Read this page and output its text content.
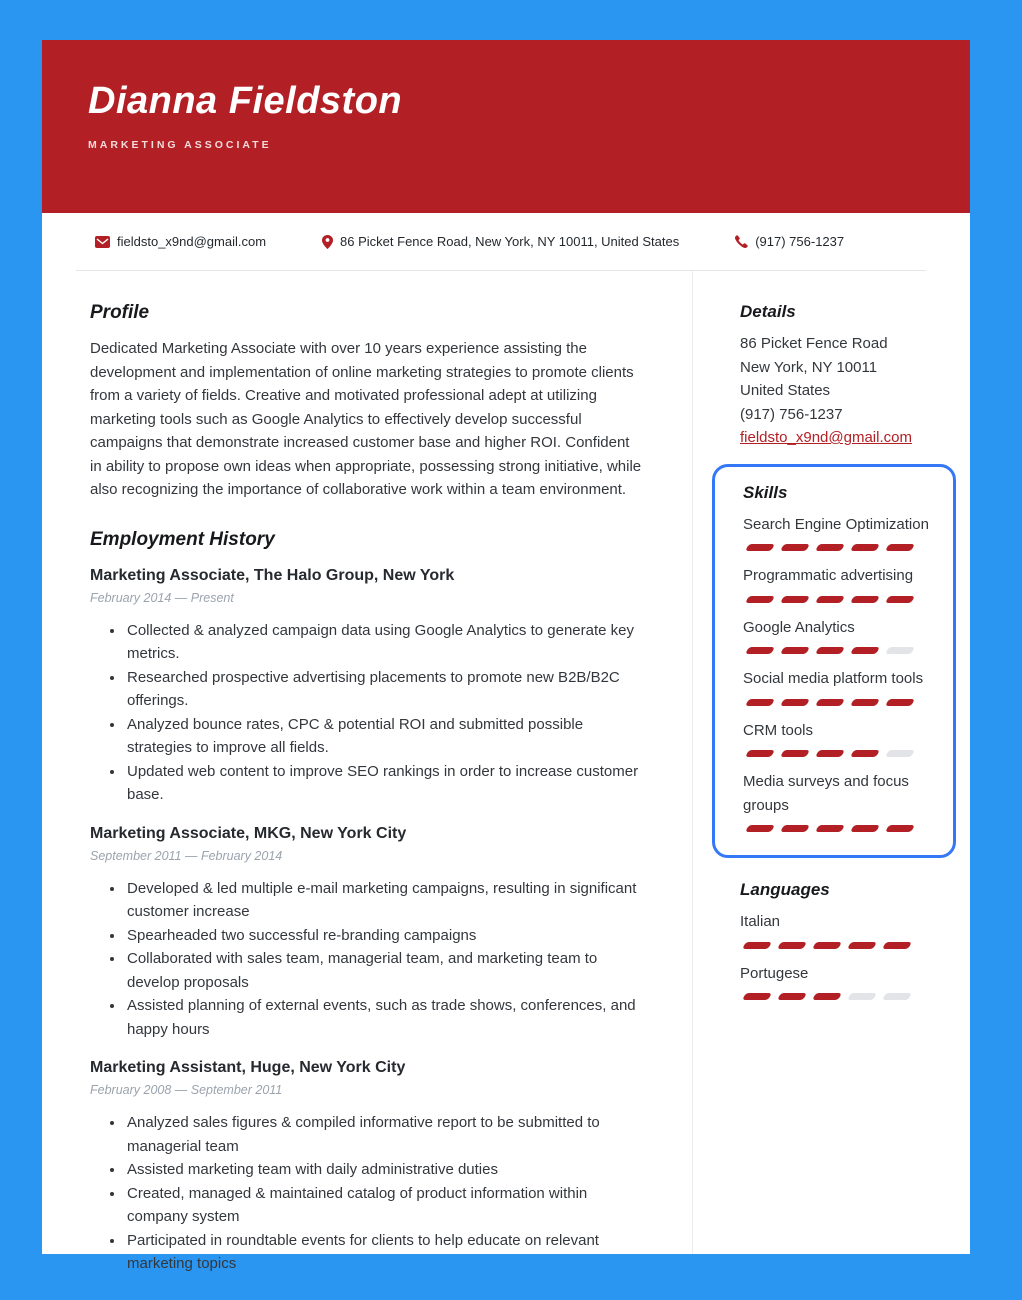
Dianna Fieldston
MARKETING ASSOCIATE
fieldsto_x9nd@gmail.com	86 Picket Fence Road, New York, NY 10011, United States	(917) 756-1237
Profile
Dedicated Marketing Associate with over 10 years experience assisting the development and implementation of online marketing strategies to promote clients from a variety of fields. Creative and motivated professional adept at utilizing marketing tools such as Google Analytics to effectively develop successful campaigns that demonstrate increased customer base and higher ROI. Confident in ability to propose own ideas when appropriate, possessing strong initiative, while also recognizing the importance of collaborative work within a team environment.
Employment History
Marketing Associate, The Halo Group, New York
February 2014 — Present
• Collected & analyzed campaign data using Google Analytics to generate key metrics.
• Researched prospective advertising placements to promote new B2B/B2C offerings.
• Analyzed bounce rates, CPC & potential ROI and submitted possible strategies to improve all fields.
• Updated web content to improve SEO rankings in order to increase customer base.
Marketing Associate, MKG, New York City
September 2011 — February 2014
• Developed & led multiple e-mail marketing campaigns, resulting in significant customer increase
• Spearheaded two successful re-branding campaigns
• Collaborated with sales team, managerial team, and marketing team to develop proposals
• Assisted planning of external events, such as trade shows, conferences, and happy hours
Marketing Assistant, Huge, New York City
February 2008 — September 2011
• Analyzed sales figures & compiled informative report to be submitted to managerial team
• Assisted marketing team with daily administrative duties
• Created, managed & maintained catalog of product information within company system
• Participated in roundtable events for clients to help educate on relevant marketing topics
Details
86 Picket Fence Road
New York, NY 10011
United States
(917) 756-1237
fieldsto_x9nd@gmail.com
Skills
Search Engine Optimization
Programmatic advertising
Google Analytics
Social media platform tools
CRM tools
Media surveys and focus groups
Languages
Italian
Portugese
